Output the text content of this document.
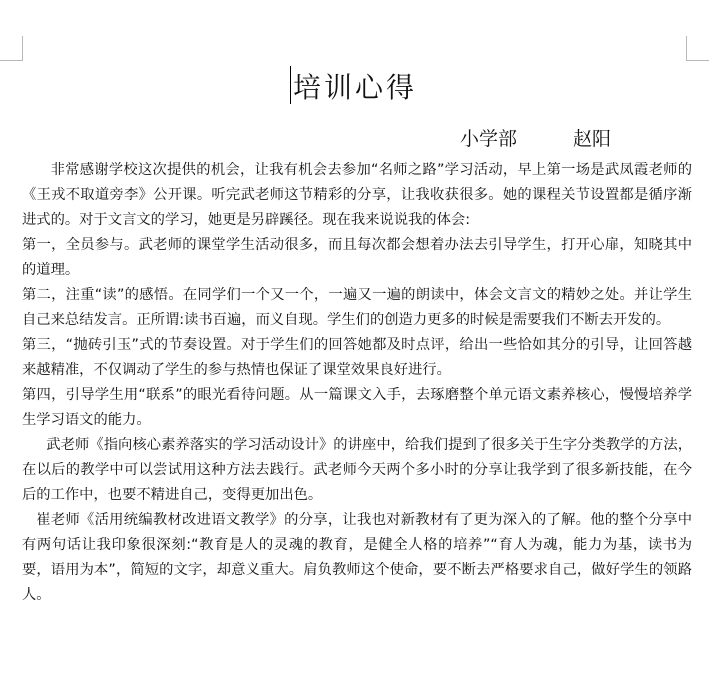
培训心得
小学部	赵阳

非常感谢学校这次提供的机会，让我有机会去参加“名师之路”学习活动，早上第一场是武凤霞老师的《王戎不取道旁李》公开课。听完武老师这节精彩的分享，让我收获很多。她的课程关节设置都是循序渐进式的。对于文言文的学习，她更是另辟蹊径。现在我来说说我的体会:

第一，全员参与。武老师的课堂学生活动很多，而且每次都会想着办法去引导学生，打开心扉，知晓其中的道理。

第二，注重“读”的感悟。在同学们一个又一个，一遍又一遍的朗读中，体会文言文的精妙之处。并让学生自己来总结发言。正所谓:读书百遍，而义自现。学生们的创造力更多的时候是需要我们不断去开发的。

第三，“抛砖引玉”式的节奏设置。对于学生们的回答她都及时点评，给出一些恰如其分的引导，让回答越来越精准，不仅调动了学生的参与热情也保证了课堂效果良好进行。

第四，引导学生用“联系”的眼光看待问题。从一篇课文入手，去琢磨整个单元语文素养核心，慢慢培养学生学习语文的能力。

武老师《指向核心素养落实的学习活动设计》的讲座中，给我们提到了很多关于生字分类教学的方法，在以后的教学中可以尝试用这种方法去践行。武老师今天两个多小时的分享让我学到了很多新技能，在今后的工作中，也要不精进自己，变得更加出色。

崔老师《活用统编教材改进语文教学》的分享，让我也对新教材有了更为深入的了解。他的整个分享中有两句话让我印象很深刻:“教育是人的灵魂的教育，是健全人格的培养”“育人为魂，能力为基，读书为要，语用为本”，简短的文字，却意义重大。肩负教师这个使命，要不断去严格要求自己，做好学生的领路人。
